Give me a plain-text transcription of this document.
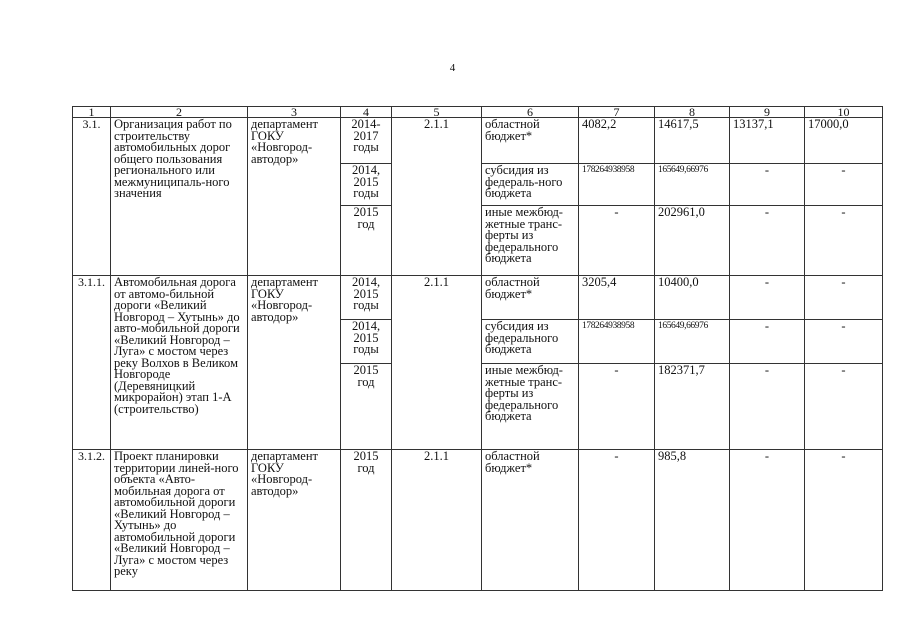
4
1	2	3	4	5	6	7	8	9	10
3.1.	Организация работ по строительству автомобильных дорог общего пользования регионального или межмуниципаль-ного значения	департамент ГОКУ «Новгород-автодор»	2014-2017 годы	2.1.1	областной бюджет*	4082,2	14617,5	13137,1	17000,0
			2014, 2015 годы		субсидия из федераль-ного бюджета	178264938958	165649,66976	-	-
			2015 год		иные межбюд-жетные транс-ферты из федерального бюджета	-	202961,0	-	-
3.1.1.	Автомобильная дорога от автомо-бильной дороги «Великий Новгород – Хутынь» до авто-мобильной дороги «Великий Новгород – Луга» с мостом через реку Волхов в Великом Новгороде (Деревяницкий микрорайон) этап 1-А (строительство)	департамент ГОКУ «Новгород-автодор»	2014, 2015 годы	2.1.1	областной бюджет*	3205,4	10400,0	-	-
			2014, 2015 годы		субсидия из федерального бюджета	178264938958	165649,66976	-	-
			2015 год		иные межбюд-жетные транс-ферты из федерального бюджета	-	182371,7	-	-
3.1.2.	Проект планировки территории линей-ного объекта «Авто-мобильная дорога от автомобильной дороги «Великий Новгород – Хутынь» до автомобильной дороги «Великий Новгород – Луга» с мостом через реку	департамент ГОКУ «Новгород-автодор»	2015 год	2.1.1	областной бюджет*	-	985,8	-	-
